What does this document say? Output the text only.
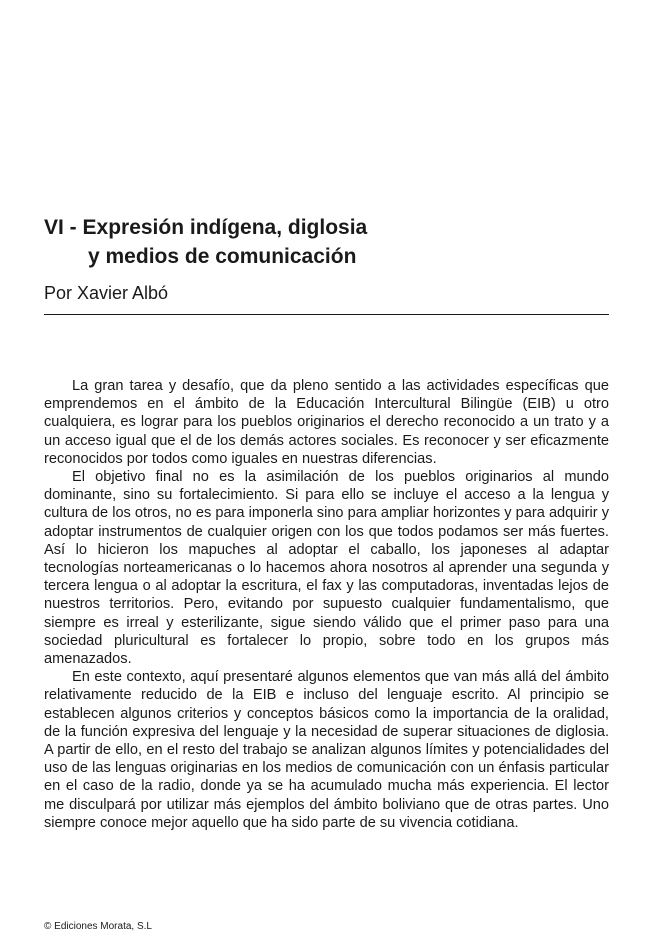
VI - Expresión indígena, diglosia
y medios de comunicación
Por Xavier Albó

La gran tarea y desafío, que da pleno sentido a las actividades específicas que emprendemos en el ámbito de la Educación Intercultural Bilingüe (EIB) u otro cualquiera, es lograr para los pueblos originarios el derecho reconocido a un trato y a un acceso igual que el de los demás actores sociales. Es reconocer y ser eficazmente reconocidos por todos como iguales en nuestras diferencias.

El objetivo final no es la asimilación de los pueblos originarios al mundo dominante, sino su fortalecimiento. Si para ello se incluye el acceso a la lengua y cultura de los otros, no es para imponerla sino para ampliar horizontes y para adquirir y adoptar instrumentos de cualquier origen con los que todos podamos ser más fuertes. Así lo hicieron los mapuches al adoptar el caballo, los japoneses al adaptar tecnologías norteamericanas o lo hacemos ahora nosotros al aprender una segunda y tercera lengua o al adoptar la escritura, el fax y las computadoras, inventadas lejos de nuestros territorios. Pero, evitando por supuesto cualquier fundamentalismo, que siempre es irreal y esterilizante, sigue siendo válido que el primer paso para una sociedad pluricultural es fortalecer lo propio, sobre todo en los grupos más amenazados.

En este contexto, aquí presentaré algunos elementos que van más allá del ámbito relativamente reducido de la EIB e incluso del lenguaje escrito. Al principio se establecen algunos criterios y conceptos básicos como la importancia de la oralidad, de la función expresiva del lenguaje y la necesidad de superar situaciones de diglosia. A partir de ello, en el resto del trabajo se analizan algunos límites y potencialidades del uso de las lenguas originarias en los medios de comunicación con un énfasis particular en el caso de la radio, donde ya se ha acumulado mucha más experiencia. El lector me disculpará por utilizar más ejemplos del ámbito boliviano que de otras partes. Uno siempre conoce mejor aquello que ha sido parte de su vivencia cotidiana.

© Ediciones Morata, S.L
